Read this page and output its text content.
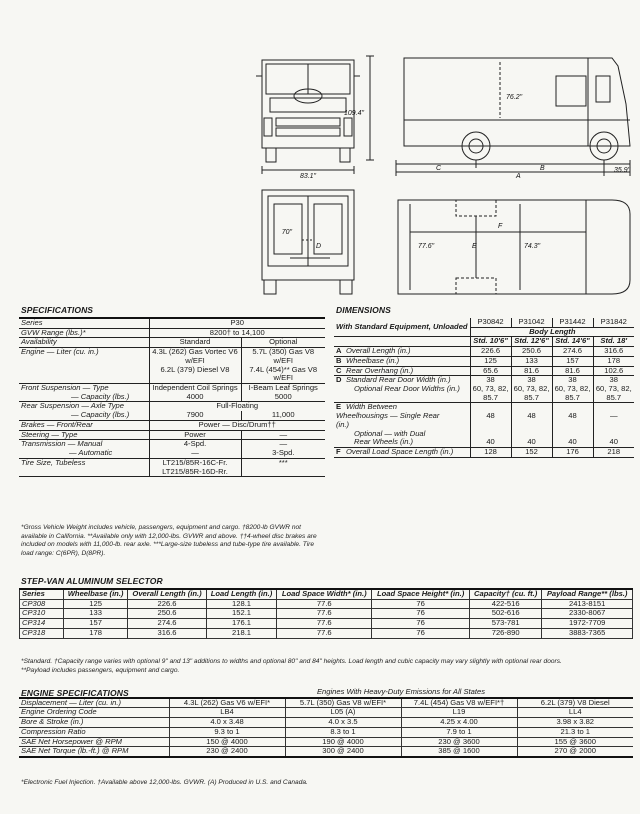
109.4"
83.1"
76.2"
C	B
A
35.9"
70"
D	77.6"	E
F
74.3"
SPECIFICATIONS
Series	P30	
GVW Range (lbs.)*	8200† to 14,100	
Availability	Standard	Optional
Engine — Liter (cu. in.)	4.3L (262) Gas Vortec V6 w/EFI	5.7L (350) Gas V8 w/EFI
	6.2L (379) Diesel V8	7.4L (454)** Gas V8 w/EFI
Front Suspension — Type	Independent Coil Springs	I-Beam Leaf Springs
— Capacity (lbs.)	4000	5000
Rear Suspension — Axle Type	Full-Floating	
— Capacity (lbs.)	7900	11,000
Brakes — Front/Rear	Power — Disc/Drum††	
Steering — Type	Power	—
Transmission — Manual	4-Spd.	—
— Automatic	—	3-Spd.
Tire Size, Tubeless	LT215/85R-16C-Fr. LT215/85R-16D-Rr.	***
*Gross Vehicle Weight includes vehicle, passengers, equipment and cargo. †8200-lb GVWR not available in California. **Available only with 12,000-lbs. GVWR and above. ††4-wheel disc brakes are included on models with 11,000-lb. rear axle. ***Large-size tubeless and tube-type tire available. Tire load range: C(6PR), D(8PR).
DIMENSIONS
With Standard Equipment, Unloaded	P30842	P31042	P31442	P31842
	Body Length			
	Std. 10'6"	Std. 12'6"	Std. 14'6"	Std. 18'
A Overall Length (in.)	226.6	250.6	274.6	316.6
B Wheelbase (in.)	125	133	157	178
C Rear Overhang (in.)	65.6	81.6	81.6	102.6
D Standard Rear Door Width (in.)	38	38	38	38
Optional Rear Door Widths (in.)	60, 73, 82, 85.7	60, 73, 82, 85.7	60, 73, 82, 85.7	60, 73, 82, 85.7
E Width Between Wheelhousings — Single Rear (in.)	48	48	48	—
Optional — with Dual Rear Wheels (in.)	40	40	40	40
F Overall Load Space Length (in.)	128	152	176	218
STEP-VAN ALUMINUM SELECTOR
Series	Wheelbase (in.)	Overall Length (in.)	Load Length (in.)	Load Space Width* (in.)	Load Space Height* (in.)	Capacity† (cu. ft.)	Payload Range** (lbs.)
CP308	125	226.6	128.1	77.6	76	422-516	2413-8151
CP310	133	250.6	152.1	77.6	76	502-616	2330-8067
CP314	157	274.6	176.1	77.6	76	573-781	1972-7709
CP318	178	316.6	218.1	77.6	76	726-890	3883-7365
*Standard. †Capacity range varies with optional 9" and 13" additions to widths and optional 80" and 84" heights. Load length and cubic capacity may vary slightly with optional rear doors.
**Payload includes passengers, equipment and cargo.
ENGINE SPECIFICATIONS
		Engines With Heavy-Duty Emissions for All States			
Displacement — Liter (cu. in.)	4.3L (262) Gas V6 w/EFI*	5.7L (350) Gas V8 w/EFI*	7.4L (454) Gas V8 w/EFI*†	6.2L (379) V8 Diesel
Engine Ordering Code	LB4	L05 (A)	L19	LL4
Bore & Stroke (in.)	4.0 x 3.48	4.0 x 3.5	4.25 x 4.00	3.98 x 3.82
Compression Ratio	9.3 to 1	8.3 to 1	7.9 to 1	21.3 to 1
SAE Net Horsepower @ RPM	150 @ 4000	190 @ 4000	230 @ 3600	155 @ 3600
SAE Net Torque (lb.-ft.) @ RPM	230 @ 2400	300 @ 2400	385 @ 1600	270 @ 2000
*Electronic Fuel Injection. †Available above 12,000-lbs. GVWR. (A) Produced in U.S. and Canada.
